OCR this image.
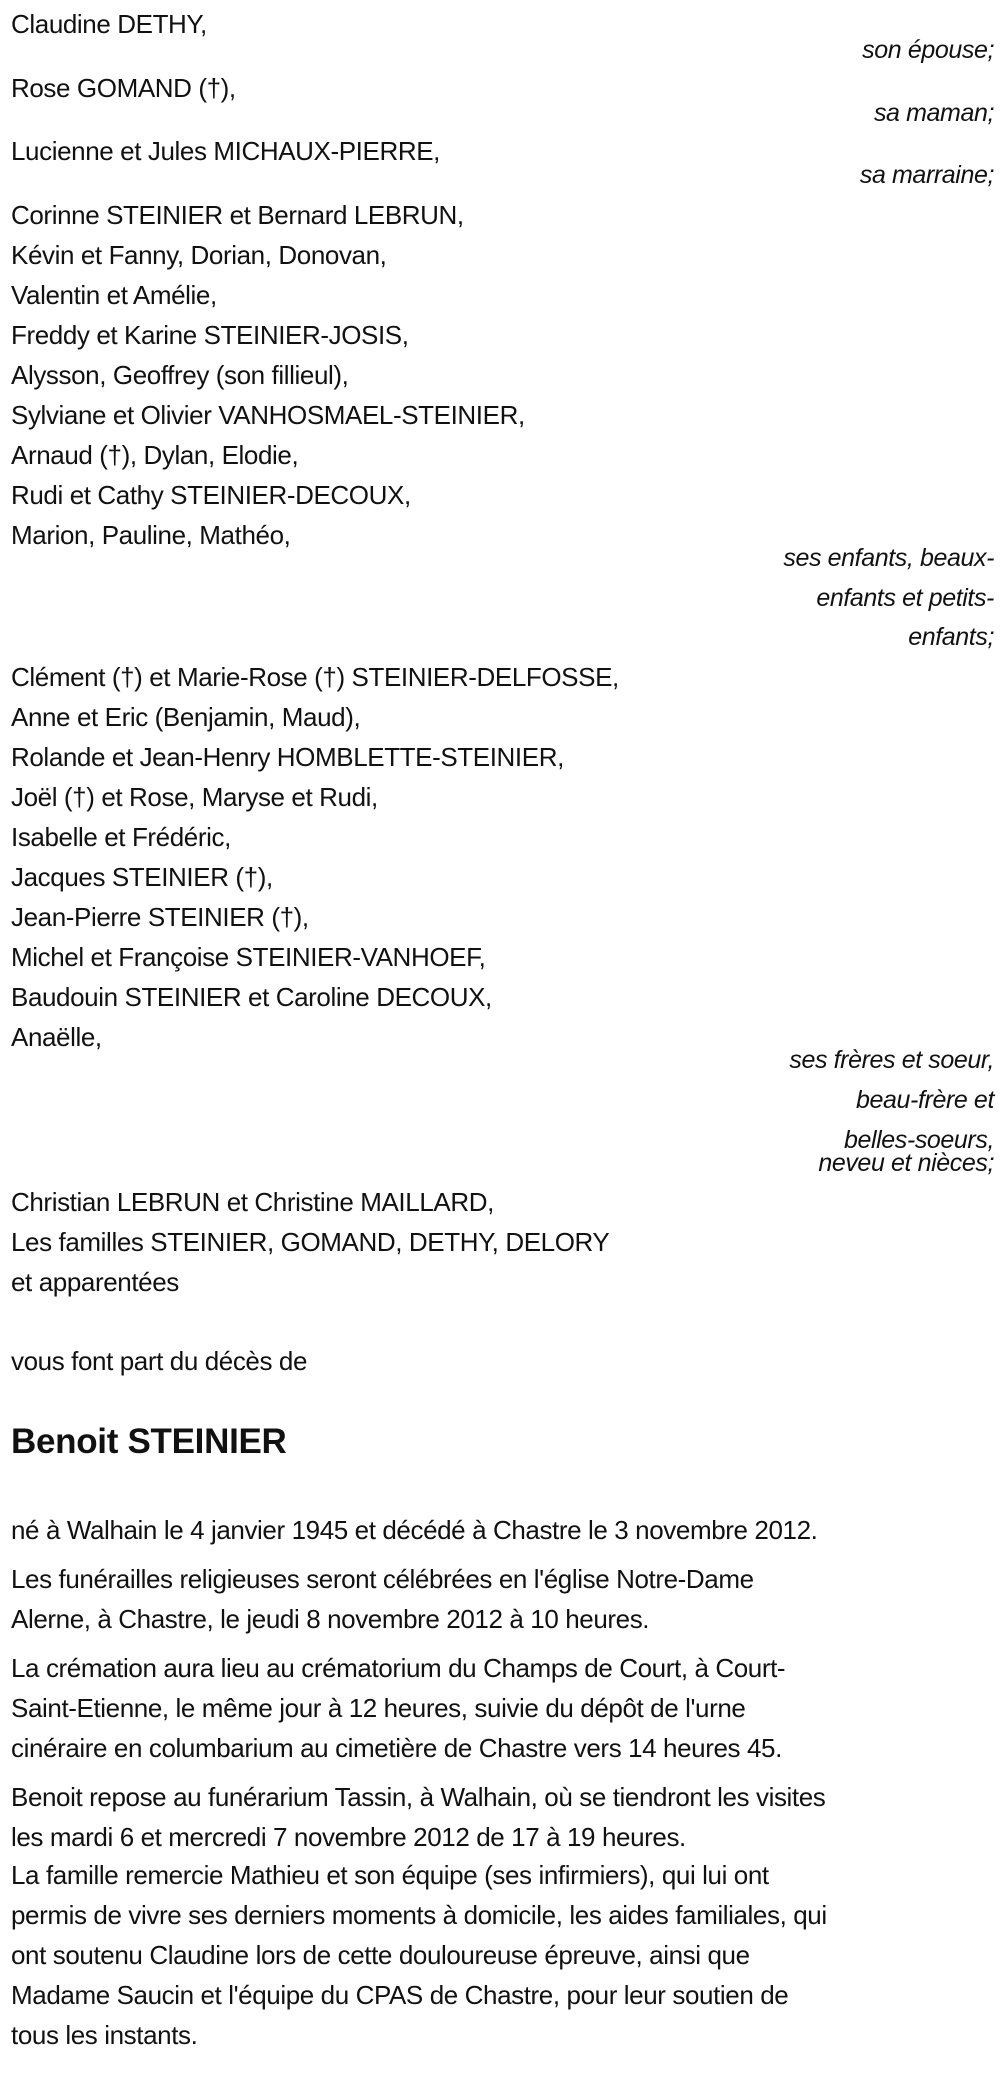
Claudine DETHY,
son épouse;
Rose GOMAND (†),
sa maman;
Lucienne et Jules MICHAUX-PIERRE,
sa marraine;
Corinne STEINIER et Bernard LEBRUN,
Kévin et Fanny, Dorian, Donovan,
Valentin et Amélie,
Freddy et Karine STEINIER-JOSIS,
Alysson, Geoffrey (son fillieul),
Sylviane et Olivier VANHOSMAEL-STEINIER,
Arnaud (†), Dylan, Elodie,
Rudi et Cathy STEINIER-DECOUX,
Marion, Pauline, Mathéo,
ses enfants, beaux-
enfants et petits-
enfants;
Clément (†) et Marie-Rose (†) STEINIER-DELFOSSE,
Anne et Eric (Benjamin, Maud),
Rolande et Jean-Henry HOMBLETTE-STEINIER,
Joël (†) et Rose, Maryse et Rudi,
Isabelle et Frédéric,
Jacques STEINIER (†),
Jean-Pierre STEINIER (†),
Michel et Françoise STEINIER-VANHOEF,
Baudouin STEINIER et Caroline DECOUX,
Anaëlle,
ses frères et soeur,
beau-frère et
belles-soeurs,
neveu et nièces;
Christian LEBRUN et Christine MAILLARD,
Les familles STEINIER, GOMAND, DETHY, DELORY
et apparentées
vous font part du décès de
Benoit STEINIER
né à Walhain le 4 janvier 1945 et décédé à Chastre le 3 novembre 2012.
Les funérailles religieuses seront célébrées en l'église Notre-Dame
Alerne, à Chastre, le jeudi 8 novembre 2012 à 10 heures.
La crémation aura lieu au crématorium du Champs de Court, à Court-
Saint-Etienne, le même jour à 12 heures, suivie du dépôt de l'urne
cinéraire en columbarium au cimetière de Chastre vers 14 heures 45.
Benoit repose au funérarium Tassin, à Walhain, où se tiendront les visites
les mardi 6 et mercredi 7 novembre 2012 de 17 à 19 heures.
La famille remercie Mathieu et son équipe (ses infirmiers), qui lui ont
permis de vivre ses derniers moments à domicile, les aides familiales, qui
ont soutenu Claudine lors de cette douloureuse épreuve, ainsi que
Madame Saucin et l'équipe du CPAS de Chastre, pour leur soutien de
tous les instants.
